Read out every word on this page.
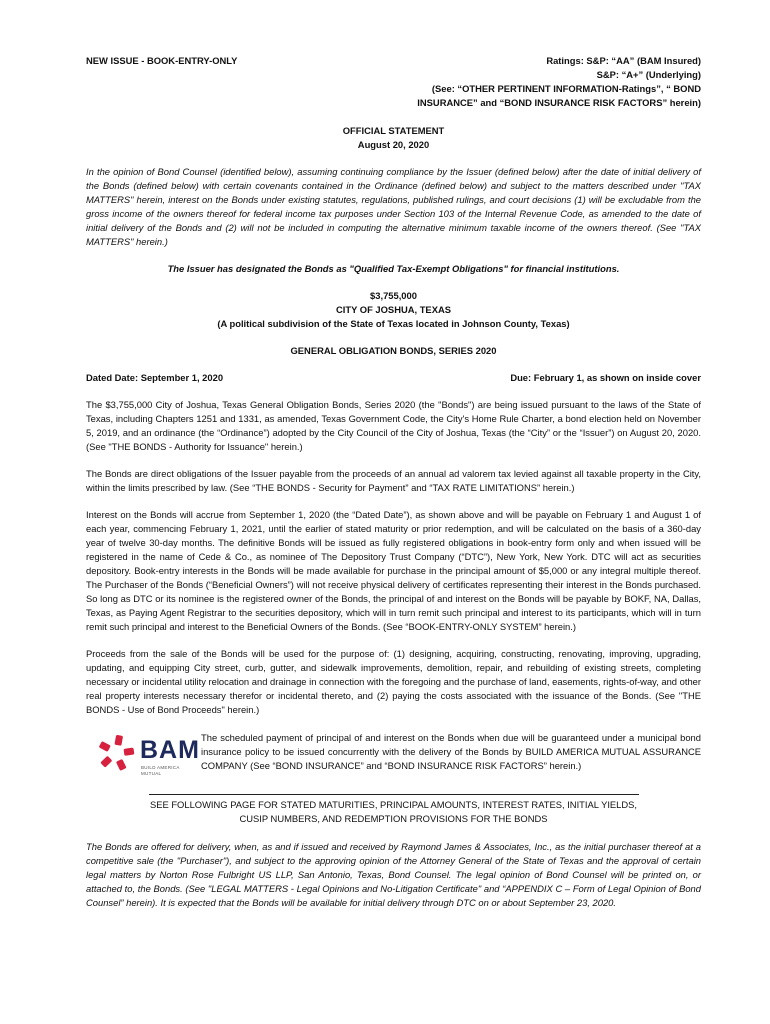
NEW ISSUE - BOOK-ENTRY-ONLY	Ratings: S&P: “AA” (BAM Insured)
S&P: “A+” (Underlying)
(See: “OTHER PERTINENT INFORMATION-Ratings”, “ BOND
INSURANCE” and “BOND INSURANCE RISK FACTORS” herein)
OFFICIAL STATEMENT
August 20, 2020
In the opinion of Bond Counsel (identified below), assuming continuing compliance by the Issuer (defined below) after the date of initial delivery of the Bonds (defined below) with certain covenants contained in the Ordinance (defined below) and subject to the matters described under "TAX MATTERS" herein, interest on the Bonds under existing statutes, regulations, published rulings, and court decisions (1) will be excludable from the gross income of the owners thereof for federal income tax purposes under Section 103 of the Internal Revenue Code, as amended to the date of initial delivery of the Bonds and (2) will not be included in computing the alternative minimum taxable income of the owners thereof. (See "TAX MATTERS" herein.)
The Issuer has designated the Bonds as "Qualified Tax-Exempt Obligations" for financial institutions.
$3,755,000
CITY OF JOSHUA, TEXAS
(A political subdivision of the State of Texas located in Johnson County, Texas)
GENERAL OBLIGATION BONDS, SERIES 2020
Dated Date: September 1, 2020	Due: February 1, as shown on inside cover
The $3,755,000 City of Joshua, Texas General Obligation Bonds, Series 2020 (the "Bonds") are being issued pursuant to the laws of the State of Texas, including Chapters 1251 and 1331, as amended, Texas Government Code, the City's Home Rule Charter, a bond election held on November 5, 2019, and an ordinance (the “Ordinance”) adopted by the City Council of the City of Joshua, Texas (the “City” or the “Issuer”) on August 20, 2020. (See "THE BONDS - Authority for Issuance" herein.)
The Bonds are direct obligations of the Issuer payable from the proceeds of an annual ad valorem tax levied against all taxable property in the City, within the limits prescribed by law. (See “THE BONDS - Security for Payment” and “TAX RATE LIMITATIONS” herein.)
Interest on the Bonds will accrue from September 1, 2020 (the “Dated Date”), as shown above and will be payable on February 1 and August 1 of each year, commencing February 1, 2021, until the earlier of stated maturity or prior redemption, and will be calculated on the basis of a 360-day year of twelve 30-day months. The definitive Bonds will be issued as fully registered obligations in book-entry form only and when issued will be registered in the name of Cede & Co., as nominee of The Depository Trust Company (“DTC”), New York, New York. DTC will act as securities depository. Book-entry interests in the Bonds will be made available for purchase in the principal amount of $5,000 or any integral multiple thereof. The Purchaser of the Bonds (“Beneficial Owners”) will not receive physical delivery of certificates representing their interest in the Bonds purchased. So long as DTC or its nominee is the registered owner of the Bonds, the principal of and interest on the Bonds will be payable by BOKF, NA, Dallas, Texas, as Paying Agent Registrar to the securities depository, which will in turn remit such principal and interest to its participants, which will in turn remit such principal and interest to the Beneficial Owners of the Bonds. (See “BOOK-ENTRY-ONLY SYSTEM” herein.)
Proceeds from the sale of the Bonds will be used for the purpose of: (1) designing, acquiring, constructing, renovating, improving, upgrading, updating, and equipping City street, curb, gutter, and sidewalk improvements, demolition, repair, and rebuilding of existing streets, completing necessary or incidental utility relocation and drainage in connection with the foregoing and the purchase of land, easements, rights-of-way, and other real property interests necessary therefor or incidental thereto, and (2) paying the costs associated with the issuance of the Bonds. (See "THE BONDS - Use of Bond Proceeds" herein.)
BAM
BUILD AMERICA MUTUAL
The scheduled payment of principal of and interest on the Bonds when due will be guaranteed under a municipal bond insurance policy to be issued concurrently with the delivery of the Bonds by BUILD AMERICA MUTUAL ASSURANCE COMPANY (See “BOND INSURANCE” and “BOND INSURANCE RISK FACTORS” herein.)
SEE FOLLOWING PAGE FOR STATED MATURITIES, PRINCIPAL AMOUNTS, INTEREST RATES, INITIAL YIELDS,
CUSIP NUMBERS, AND REDEMPTION PROVISIONS FOR THE BONDS
The Bonds are offered for delivery, when, as and if issued and received by Raymond James & Associates, Inc., as the initial purchaser thereof at a competitive sale (the "Purchaser"), and subject to the approving opinion of the Attorney General of the State of Texas and the approval of certain legal matters by Norton Rose Fulbright US LLP, San Antonio, Texas, Bond Counsel. The legal opinion of Bond Counsel will be printed on, or attached to, the Bonds. (See "LEGAL MATTERS - Legal Opinions and No-Litigation Certificate" and “APPENDIX C – Form of Legal Opinion of Bond Counsel” herein). It is expected that the Bonds will be available for initial delivery through DTC on or about September 23, 2020.
